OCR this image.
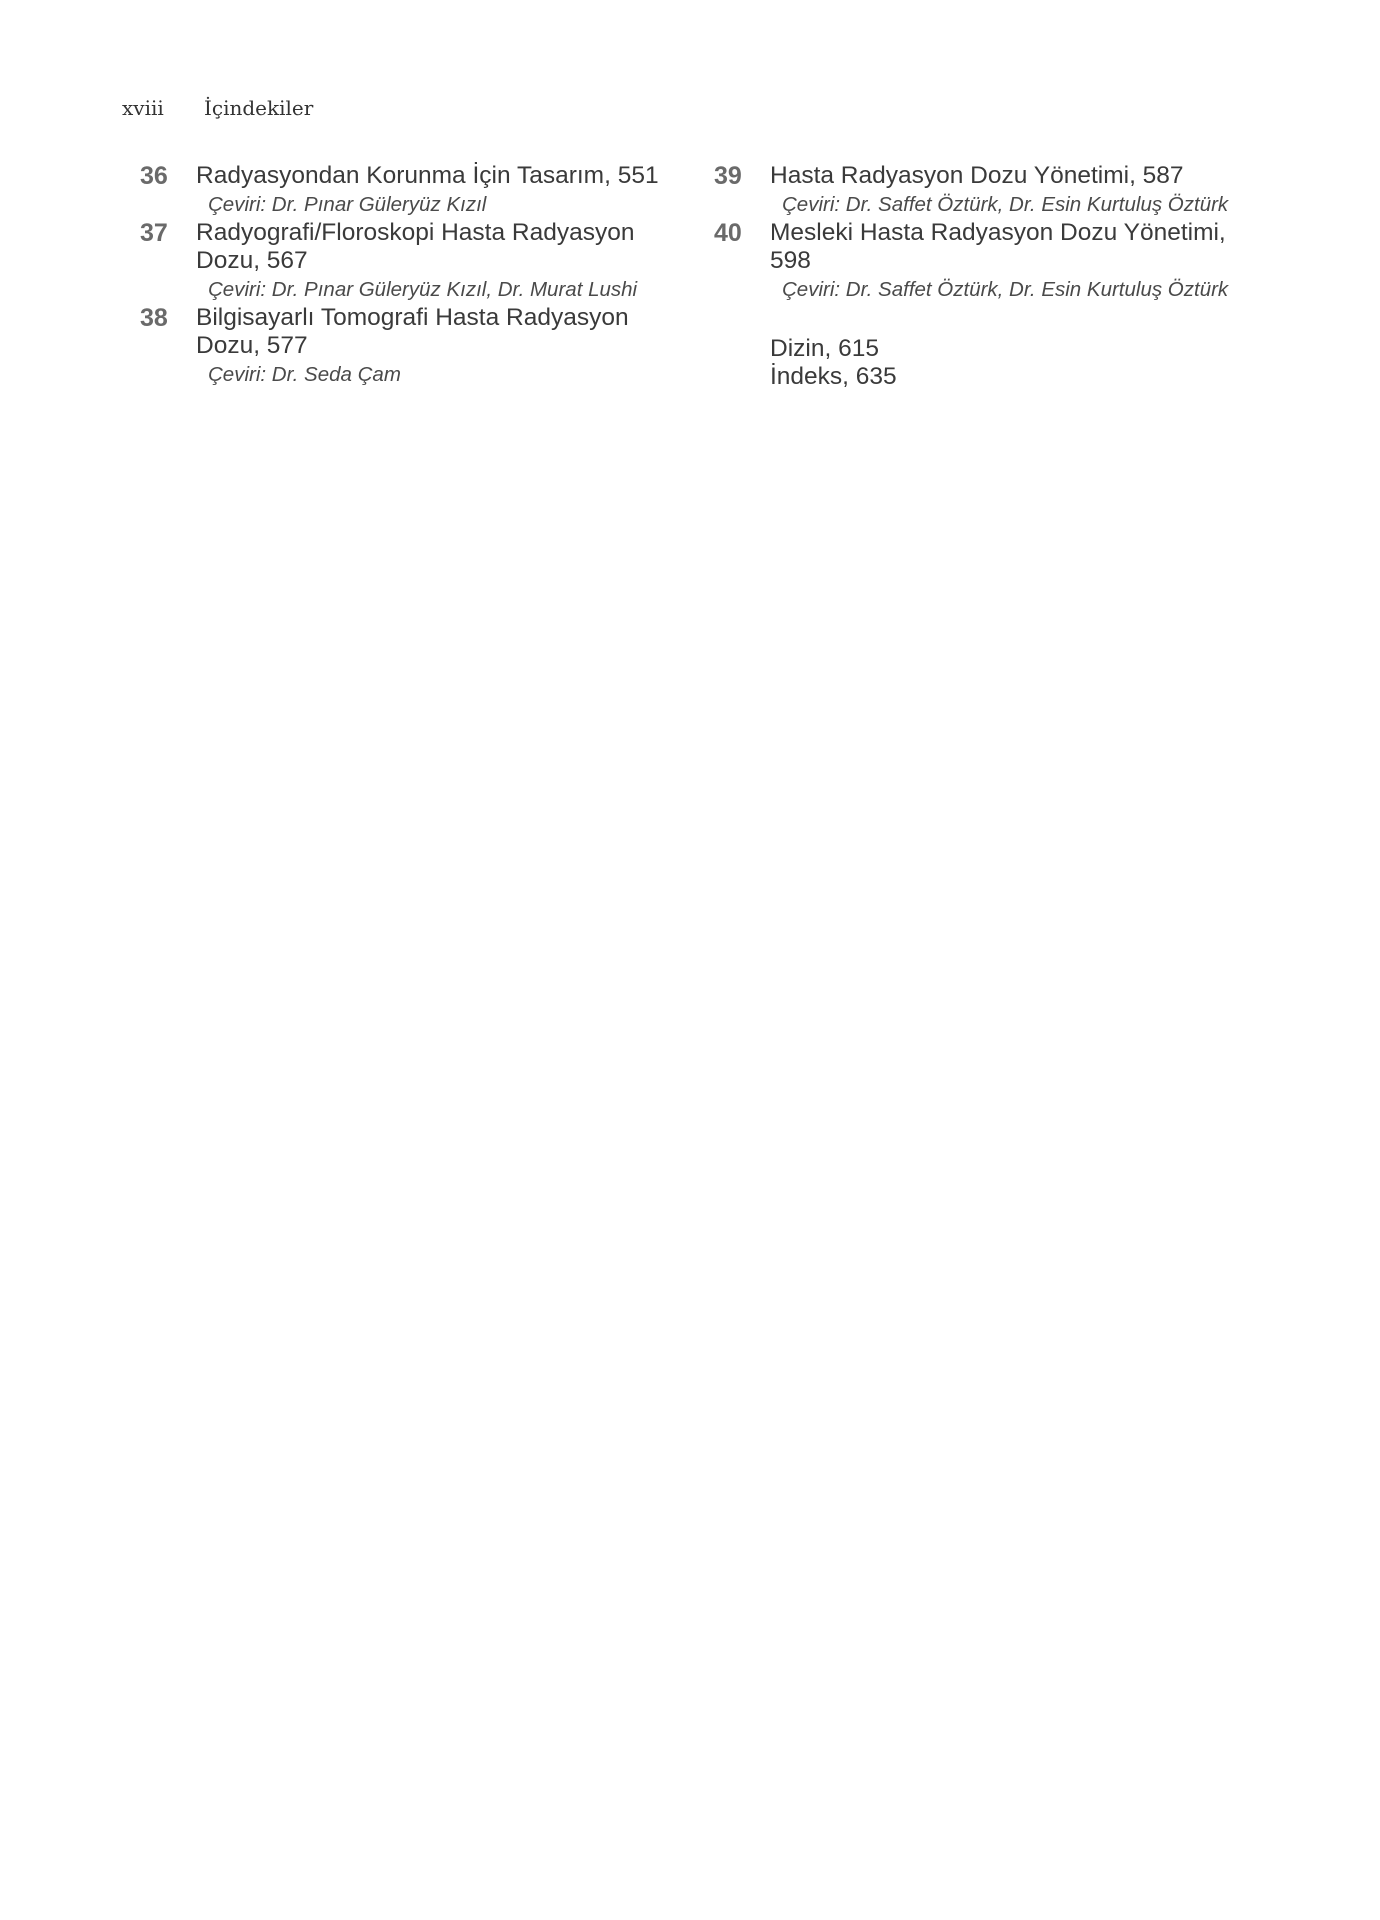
xviii İçindekiler
36 Radyasyondan Korunma İçin Tasarım, 551
Çeviri: Dr. Pınar Güleryüz Kızıl
37 Radyografi/Floroskopi Hasta Radyasyon Dozu, 567
Çeviri: Dr. Pınar Güleryüz Kızıl, Dr. Murat Lushi
38 Bilgisayarlı Tomografi Hasta Radyasyon Dozu, 577
Çeviri: Dr. Seda Çam
39 Hasta Radyasyon Dozu Yönetimi, 587
Çeviri: Dr. Saffet Öztürk, Dr. Esin Kurtuluş Öztürk
40 Mesleki Hasta Radyasyon Dozu Yönetimi, 598
Çeviri: Dr. Saffet Öztürk, Dr. Esin Kurtuluş Öztürk
Dizin, 615
İndeks, 635
